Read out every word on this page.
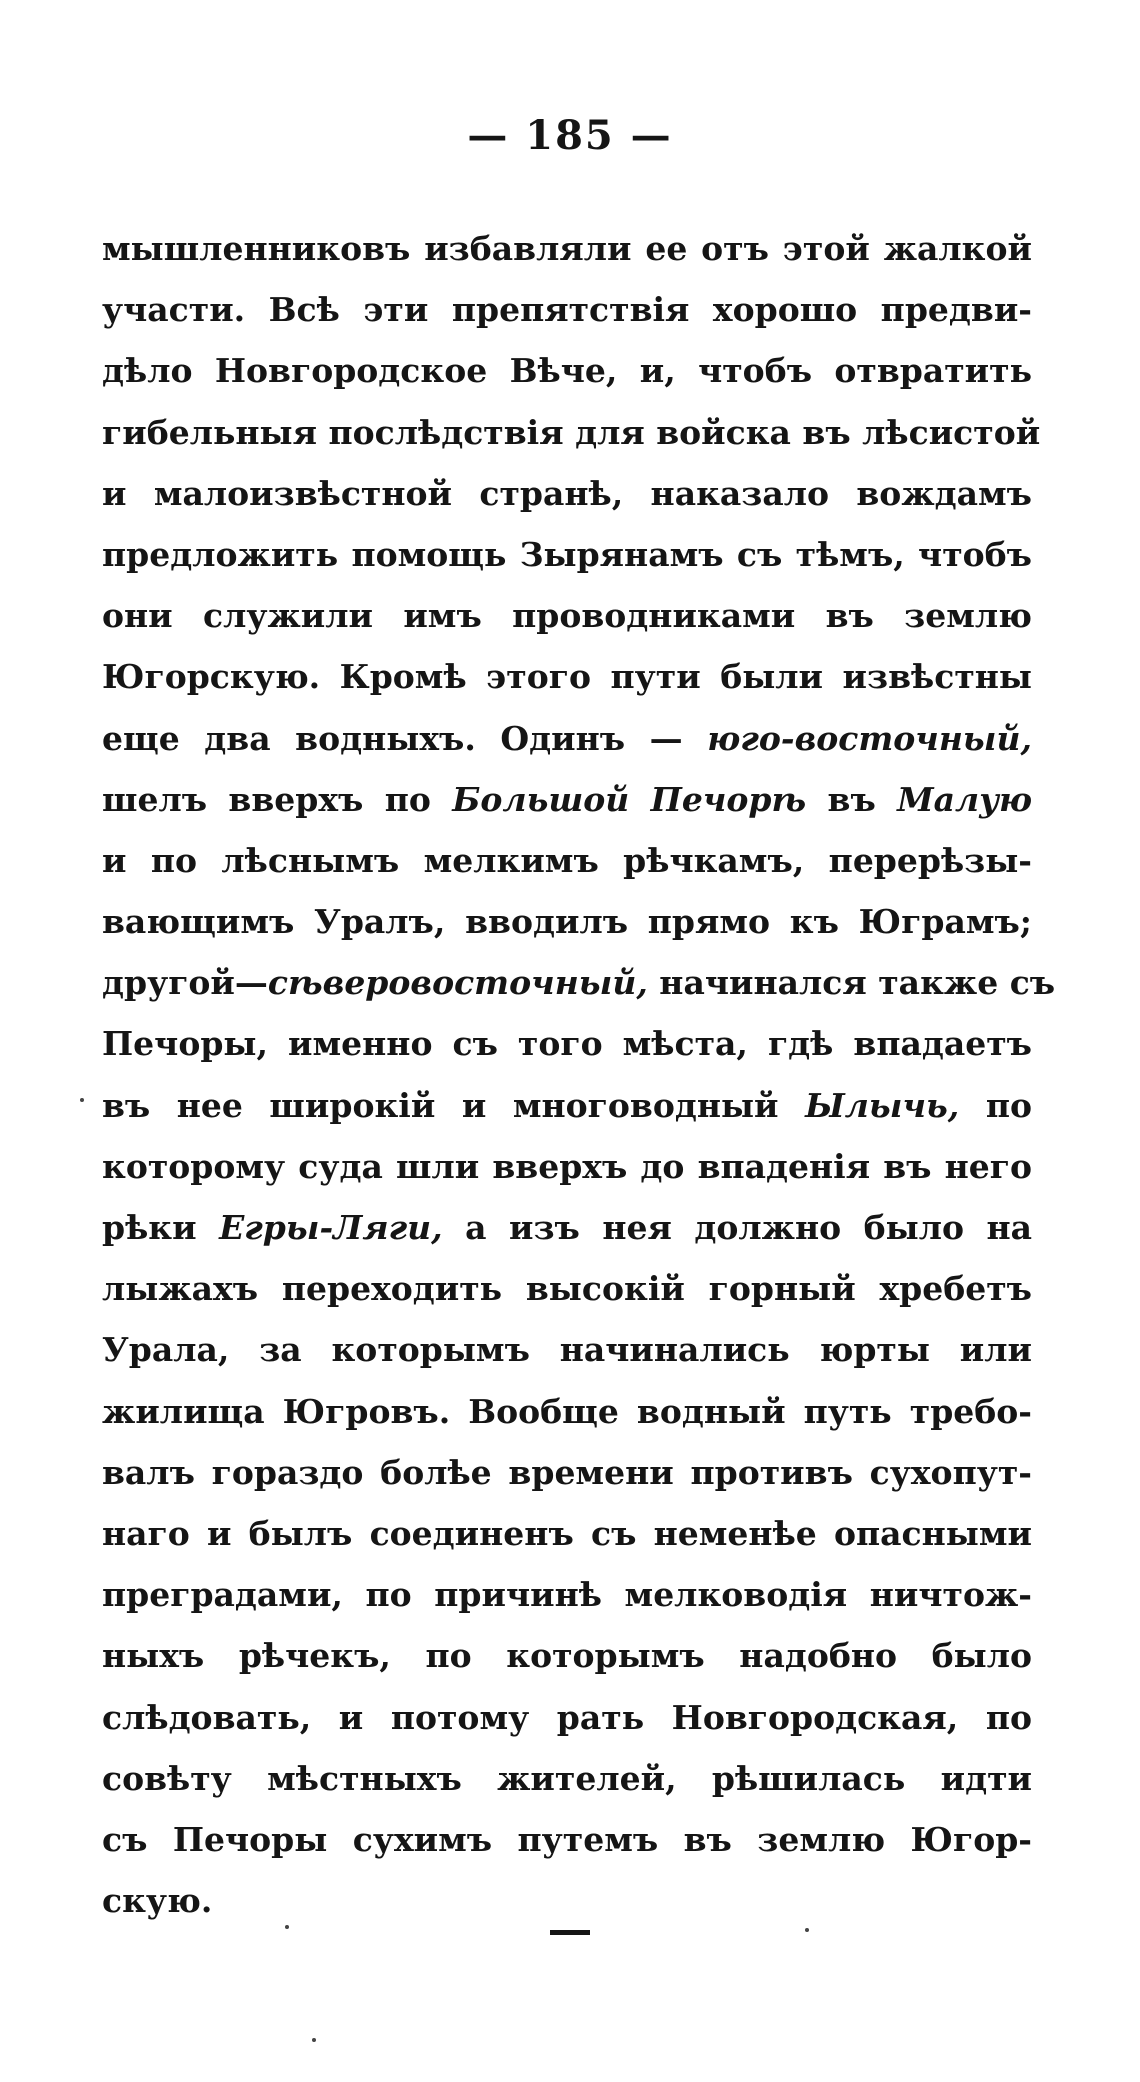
— 185 —
мышленниковъ избавляли ее отъ этой жалкой
участи. Всѣ эти препятствія хорошо предви-
дѣло Новгородское Вѣче, и, чтобъ отвратить
гибельныя послѣдствія для войска въ лѣсистой
и малоизвѣстной странѣ, наказало вождамъ
предложить помощь Зырянамъ съ тѣмъ, чтобъ
они служили имъ проводниками въ землю
Югорскую. Кромѣ этого пути были извѣстны
еще два водныхъ. Одинъ — юго-восточный,
шелъ вверхъ по Большой Печорѣ въ Малую
и по лѣснымъ мелкимъ рѣчкамъ, перерѣзы-
вающимъ Уралъ, вводилъ прямо къ Юграмъ;
другой—сѣверовосточный, начинался также съ
Печоры, именно съ того мѣста, гдѣ впадаетъ
въ нее широкій и многоводный Ылычь, по
которому суда шли вверхъ до впаденія въ него
рѣки Егры-Ляги, а изъ нея должно было на
лыжахъ переходить высокій горный хребетъ
Урала, за которымъ начинались юрты или
жилища Югровъ. Вообще водный путь требо-
валъ гораздо болѣе времени противъ сухопут-
наго и былъ соединенъ съ неменѣе опасными
преградами, по причинѣ мелководія ничтож-
ныхъ рѣчекъ, по которымъ надобно было
слѣдовать, и потому рать Новгородская, по
совѣту мѣстныхъ жителей, рѣшилась идти
съ Печоры сухимъ путемъ въ землю Югор-
скую.
